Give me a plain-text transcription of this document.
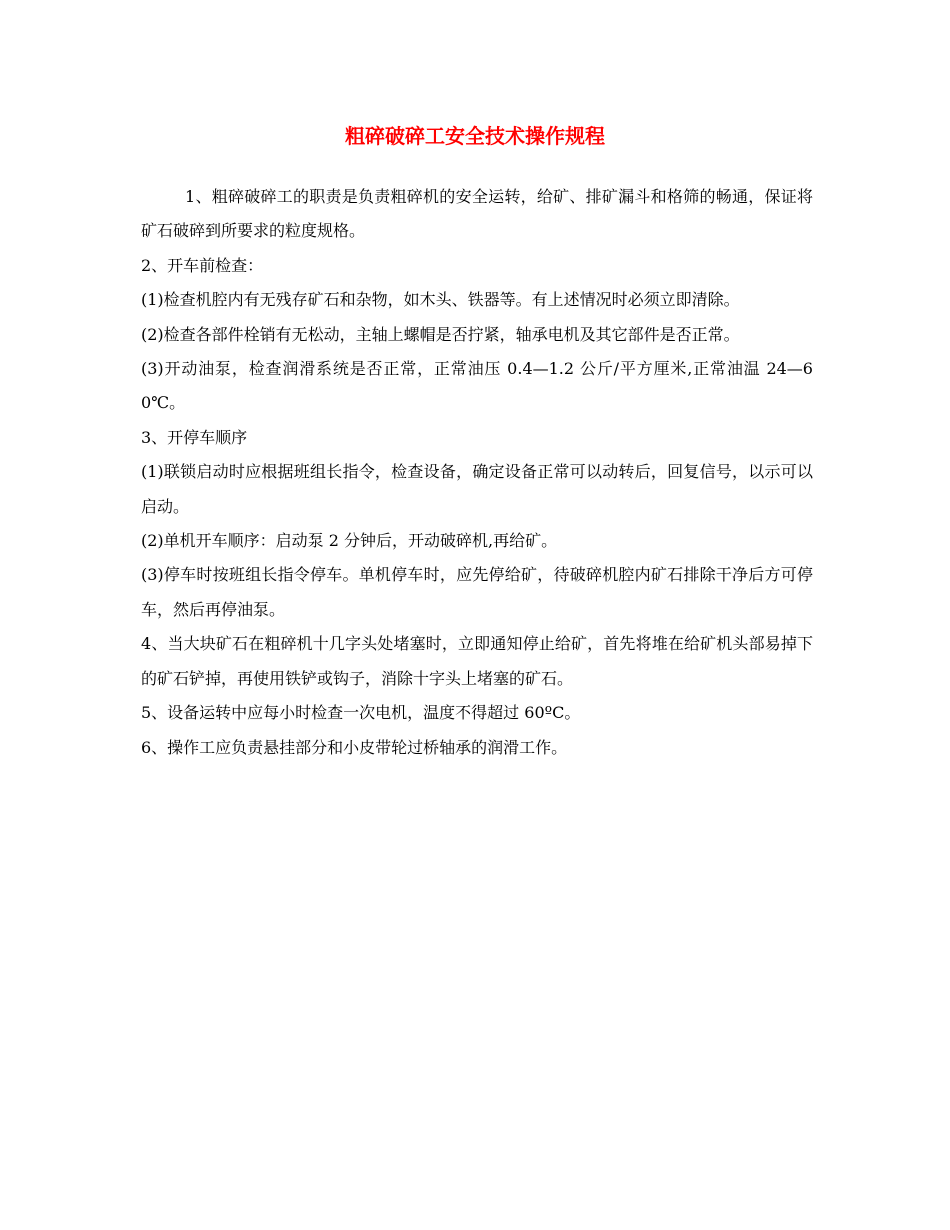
粗碎破碎工安全技术操作规程

1、粗碎破碎工的职责是负责粗碎机的安全运转，给矿、排矿漏斗和格筛的畅通，保证将矿石破碎到所要求的粒度规格。

2、开车前检查：

(1)检查机腔内有无残存矿石和杂物，如木头、铁器等。有上述情况时必须立即清除。

(2)检查各部件栓销有无松动，主轴上螺帽是否拧紧，轴承电机及其它部件是否正常。

(3)开动油泵，检查润滑系统是否正常，正常油压 0.4—1.2 公斤/平方厘米,正常油温 24—60℃。

3、开停车顺序

(1)联锁启动时应根据班组长指令，检查设备，确定设备正常可以动转后，回复信号，以示可以启动。

(2)单机开车顺序：启动泵 2 分钟后，开动破碎机,再给矿。

(3)停车时按班组长指令停车。单机停车时，应先停给矿，待破碎机腔内矿石排除干净后方可停车，然后再停油泵。

4、当大块矿石在粗碎机十几字头处堵塞时，立即通知停止给矿，首先将堆在给矿机头部易掉下的矿石铲掉，再使用铁铲或钩子，消除十字头上堵塞的矿石。

5、设备运转中应每小时检查一次电机，温度不得超过 60ºC。

6、操作工应负责悬挂部分和小皮带轮过桥轴承的润滑工作。
